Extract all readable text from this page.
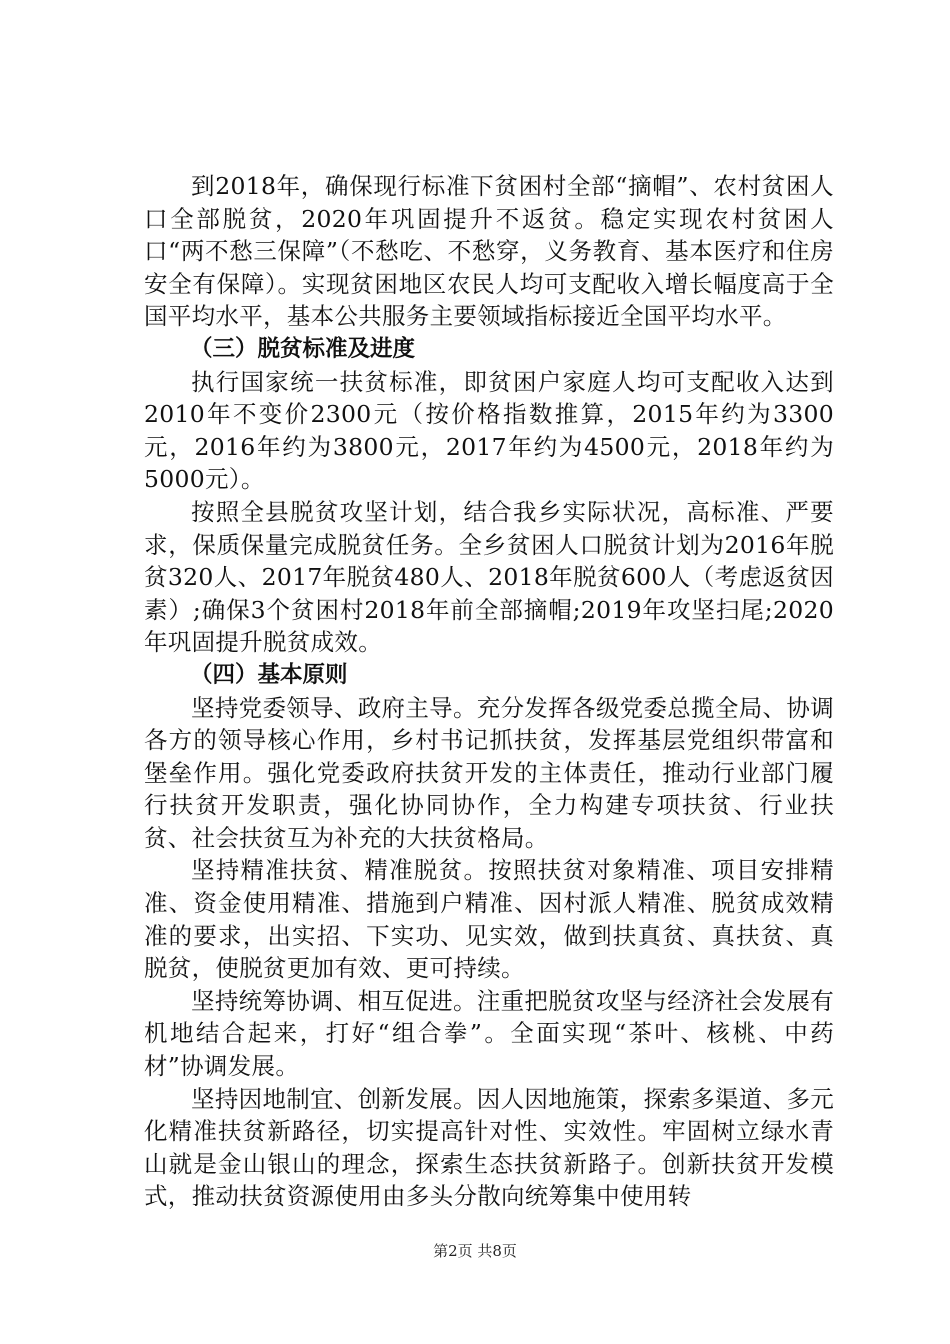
到2018年，确保现行标准下贫困村全部“摘帽”、农村贫困人口全部脱贫，2020年巩固提升不返贫。稳定实现农村贫困人口“两不愁三保障”（不愁吃、不愁穿，义务教育、基本医疗和住房安全有保障）。实现贫困地区农民人均可支配收入增长幅度高于全国平均水平，基本公共服务主要领域指标接近全国平均水平。

（三）脱贫标准及进度

执行国家统一扶贫标准，即贫困户家庭人均可支配收入达到2010年不变价2300元（按价格指数推算，2015年约为3300元，2016年约为3800元，2017年约为4500元，2018年约为5000元）。

按照全县脱贫攻坚计划，结合我乡实际状况，高标准、严要求，保质保量完成脱贫任务。全乡贫困人口脱贫计划为2016年脱贫320人、2017年脱贫480人、2018年脱贫600人（考虑返贫因素）;确保3个贫困村2018年前全部摘帽;2019年攻坚扫尾;2020年巩固提升脱贫成效。

（四）基本原则

坚持党委领导、政府主导。充分发挥各级党委总揽全局、协调各方的领导核心作用，乡村书记抓扶贫，发挥基层党组织带富和堡垒作用。强化党委政府扶贫开发的主体责任，推动行业部门履行扶贫开发职责，强化协同协作，全力构建专项扶贫、行业扶贫、社会扶贫互为补充的大扶贫格局。

坚持精准扶贫、精准脱贫。按照扶贫对象精准、项目安排精准、资金使用精准、措施到户精准、因村派人精准、脱贫成效精准的要求，出实招、下实功、见实效，做到扶真贫、真扶贫、真脱贫，使脱贫更加有效、更可持续。

坚持统筹协调、相互促进。注重把脱贫攻坚与经济社会发展有机地结合起来，打好“组合拳”。全面实现“茶叶、核桃、中药材”协调发展。

坚持因地制宜、创新发展。因人因地施策，探索多渠道、多元化精准扶贫新路径，切实提高针对性、实效性。牢固树立绿水青山就是金山银山的理念，探索生态扶贫新路子。创新扶贫开发模式，推动扶贫资源使用由多头分散向统筹集中使用转

第2页 共8页
